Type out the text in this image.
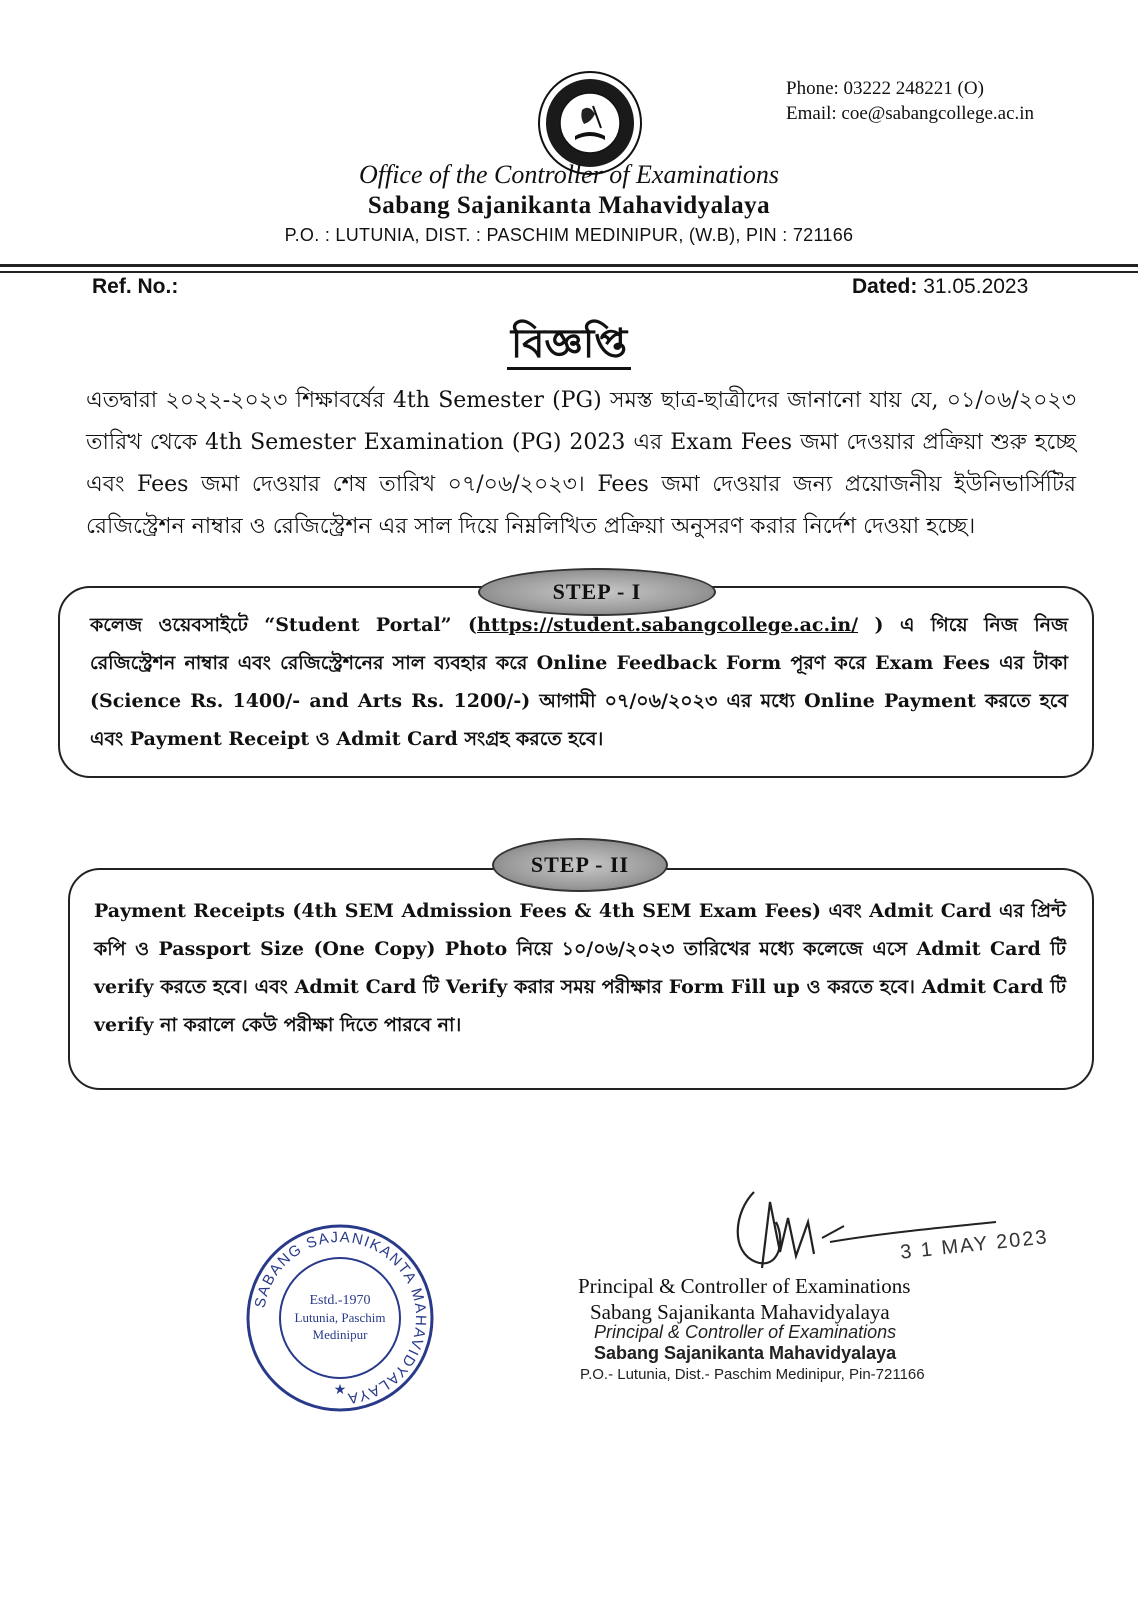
Phone: 03222 248221 (O)
Email: coe@sabangcollege.ac.in
Office of the Controller of Examinations
Sabang Sajanikanta Mahavidyalaya
P.O. : LUTUNIA, DIST. : PASCHIM MEDINIPUR, (W.B), PIN : 721166
Ref. No.:	Dated: 31.05.2023
বিজ্ঞপ্তি
এতদ্বারা ২০২২-২০২৩ শিক্ষাবর্ষের 4th Semester (PG) সমস্ত ছাত্র-ছাত্রীদের জানানো যায় যে, ০১/০৬/২০২৩ তারিখ থেকে 4th Semester Examination (PG) 2023 এর Exam Fees জমা দেওয়ার প্রক্রিয়া শুরু হচ্ছে এবং Fees জমা দেওয়ার শেষ তারিখ ০৭/০৬/২০২৩। Fees জমা দেওয়ার জন্য প্রয়োজনীয় ইউনিভার্সিটির রেজিস্ট্রেশন নাম্বার ও রেজিস্ট্রেশন এর সাল দিয়ে নিম্নলিখিত প্রক্রিয়া অনুসরণ করার নির্দেশ দেওয়া হচ্ছে।
STEP - I
কলেজ ওয়েবসাইটে “Student Portal” (https://student.sabangcollege.ac.in/ ) এ গিয়ে নিজ নিজ রেজিস্ট্রেশন নাম্বার এবং রেজিস্ট্রেশনের সাল ব্যবহার করে Online Feedback Form পূরণ করে Exam Fees এর টাকা (Science Rs. 1400/- and Arts Rs. 1200/-) আগামী ০৭/০৬/২০২৩ এর মধ্যে Online Payment করতে হবে এবং Payment Receipt ও Admit Card সংগ্রহ করতে হবে।
STEP - II
Payment Receipts (4th SEM Admission Fees & 4th SEM Exam Fees) এবং Admit Card এর প্রিন্ট কপি ও Passport Size (One Copy) Photo নিয়ে ১০/০৬/২০২৩ তারিখের মধ্যে কলেজে এসে Admit Card টি verify করতে হবে। এবং Admit Card টি Verify করার সময় পরীক্ষার Form Fill up ও করতে হবে। Admit Card টি verify না করালে কেউ পরীক্ষা দিতে পারবে না।
SABANG SAJANIKANTA MAHAVIDYALAYA
Estd.-1970
Lutunia, Paschim
Medinipur
★
3 1 MAY 2023
Principal & Controller of Examinations
Sabang Sajanikanta Mahavidyalaya
Principal & Controller of Examinations
Sabang Sajanikanta Mahavidyalaya
P.O.- Lutunia, Dist.- Paschim Medinipur, Pin-721166
